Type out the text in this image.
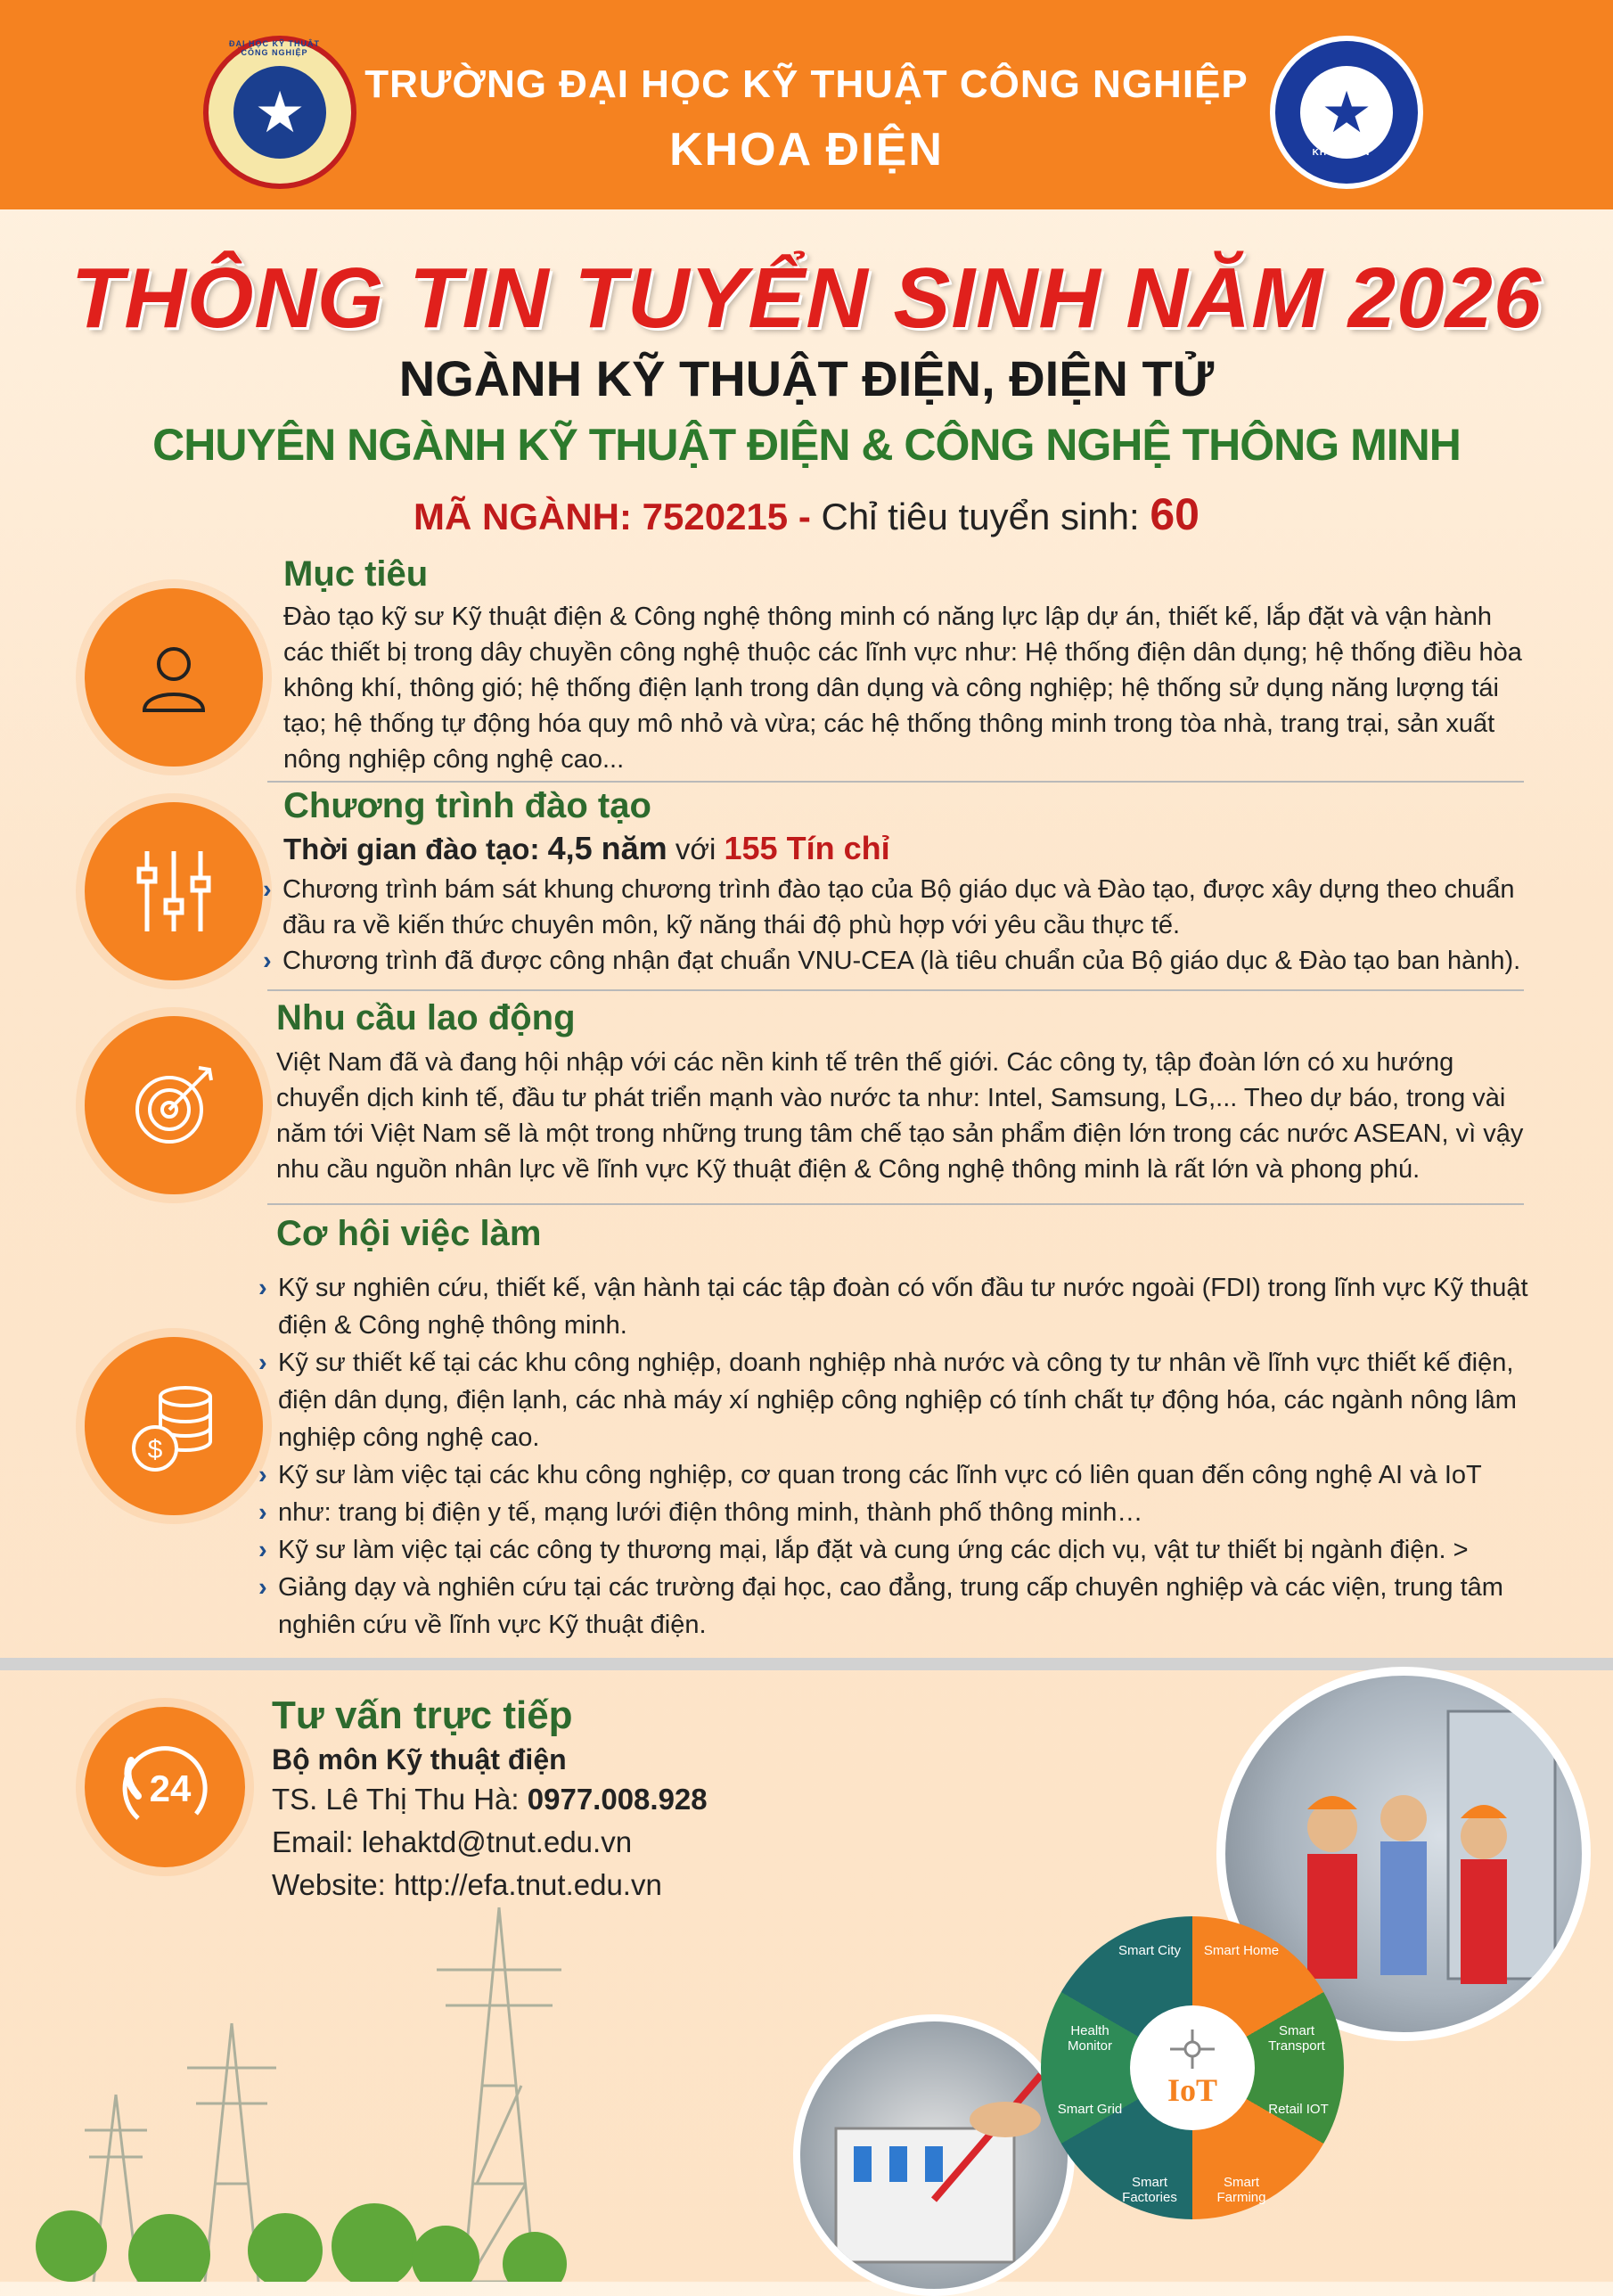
★
ĐẠI HỌC KỸ THUẬT CÔNG NGHIỆP
TRƯỜNG ĐẠI HỌC KỸ THUẬT CÔNG NGHIỆP
KHOA ĐIỆN
★
KHOA ĐIỆN
THÔNG TIN TUYỂN SINH NĂM 2026
NGÀNH KỸ THUẬT ĐIỆN, ĐIỆN TỬ
CHUYÊN NGÀNH KỸ THUẬT ĐIỆN & CÔNG NGHỆ THÔNG MINH
MÃ NGÀNH: 7520215 - Chỉ tiêu tuyển sinh: 60
Mục tiêu
Đào tạo kỹ sư Kỹ thuật điện & Công nghệ thông minh có năng lực lập dự án, thiết kế, lắp đặt và vận hành các thiết bị trong dây chuyền công nghệ thuộc các lĩnh vực như: Hệ thống điện dân dụng; hệ thống điều hòa không khí, thông gió; hệ thống điện lạnh trong dân dụng và công nghiệp; hệ thống sử dụng năng lượng tái tạo; hệ thống tự động hóa quy mô nhỏ và vừa; các hệ thống thông minh trong tòa nhà, trang trại, sản xuất nông nghiệp công nghệ cao...
Chương trình đào tạo
Thời gian đào tạo: 4,5 năm với 155 Tín chỉ

› Chương trình bám sát khung chương trình đào tạo của Bộ giáo dục và Đào tạo, được xây dựng theo chuẩn đầu ra về kiến thức chuyên môn, kỹ năng thái độ phù hợp với yêu cầu thực tế.

› Chương trình đã được công nhận đạt chuẩn VNU-CEA (là tiêu chuẩn của Bộ giáo dục & Đào tạo ban hành).

Nhu cầu lao động
Việt Nam đã và đang hội nhập với các nền kinh tế trên thế giới. Các công ty, tập đoàn lớn có xu hướng chuyển dịch kinh tế, đầu tư phát triển mạnh vào nước ta như: Intel, Samsung, LG,... Theo dự báo, trong vài năm tới Việt Nam sẽ là một trong những trung tâm chế tạo sản phẩm điện lớn trong các nước ASEAN, vì vậy nhu cầu nguồn nhân lực về lĩnh vực Kỹ thuật điện & Công nghệ thông minh là rất lớn và phong phú.
$
Cơ hội việc làm

› Kỹ sư nghiên cứu, thiết kế, vận hành tại các tập đoàn có vốn đầu tư nước ngoài (FDI) trong lĩnh vực Kỹ thuật điện & Công nghệ thông minh.

› Kỹ sư thiết kế tại các khu công nghiệp, doanh nghiệp nhà nước và công ty tư nhân về lĩnh vực thiết kế điện, điện dân dụng, điện lạnh, các nhà máy xí nghiệp công nghiệp có tính chất tự động hóa, các ngành nông lâm nghiệp công nghệ cao.

› Kỹ sư làm việc tại các khu công nghiệp, cơ quan trong các lĩnh vực có liên quan đến công nghệ AI và IoT

› như: trang bị điện y tế, mạng lưới điện thông minh, thành phố thông minh…

› Kỹ sư làm việc tại các công ty thương mại, lắp đặt và cung ứng các dịch vụ, vật tư thiết bị ngành điện. >

› Giảng dạy và nghiên cứu tại các trường đại học, cao đẳng, trung cấp chuyên nghiệp và các viện, trung tâm nghiên cứu về lĩnh vực Kỹ thuật điện.

24
Tư vấn trực tiếp
Bộ môn Kỹ thuật điện
TS. Lê Thị Thu Hà: 0977.008.928
Email: lehaktd@tnut.edu.vn
Website: http://efa.tnut.edu.vn
Smart City	Smart Home
Smart Transport
Retail IOT
Smart Farming
Smart Factories
Smart Grid
Health Monitor
IoT
